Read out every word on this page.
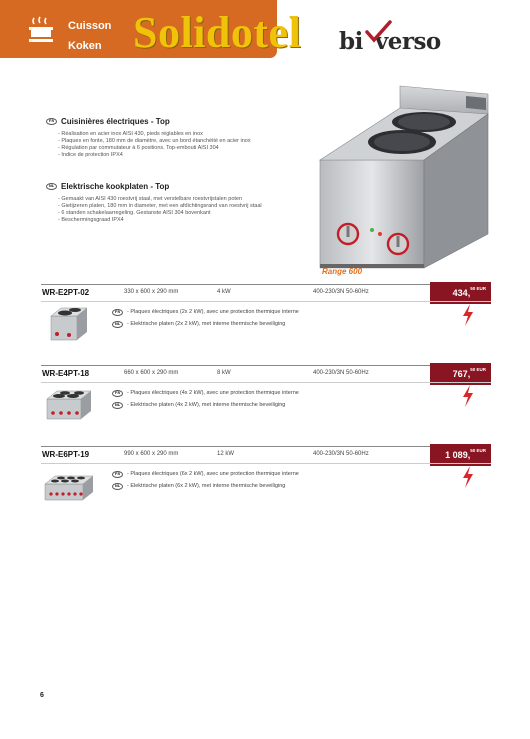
Cuisson
Koken Solidotel bi verso
FR Cuisinières électriques - Top
- Réalisation en acier inox AISI 430, pieds réglables en inox
- Plaques en fonte, 180 mm de diamètre, avec un bord étanchéité en acier inox
- Régulation par commutateur à 6 positions. Top-embouti AISI 304
- Indice de protection IPX4
NL Elektrische kookplaten - Top
- Gemaakt van AISI 430 roestvrij staal, met verstelbare roestvrijstalen poten
- Gietijzeren platen, 180 mm in diameter, met een afdichtingsrand van roestvrij staal
- 6 standen schakelaarregeling. Gestanste AISI 304 bovenkant
- Beschermingsgraad IPX4
Range 600
WR-E2PT-02	330 x 600 x 290 mm	4 kW	400-230/3N 50-60Hz	434,50 $^{EUR}$
FR	- Plaques électriques (2x 2 kW), avec une protection thermique interne
NL	- Elektrische platen (2x 2 kW), met interne thermische beveiliging
WR-E4PT-18	660 x 600 x 290 mm	8 kW	400-230/3N 50-60Hz	767,50 $^{EUR}$
FR	- Plaques électriques (4x 2 kW), avec une protection thermique interne
NL	- Elektrische platen (4x 2 kW), met interne thermische beveiliging
WR-E6PT-19	990 x 600 x 290 mm	12 kW	400-230/3N 50-60Hz	1 089,50 $^{EUR}$
FR	- Plaques électriques (6x 2 kW), avec une protection thermique interne
NL	- Elektrische platen (6x 2 kW), met interne thermische beveiliging
6
